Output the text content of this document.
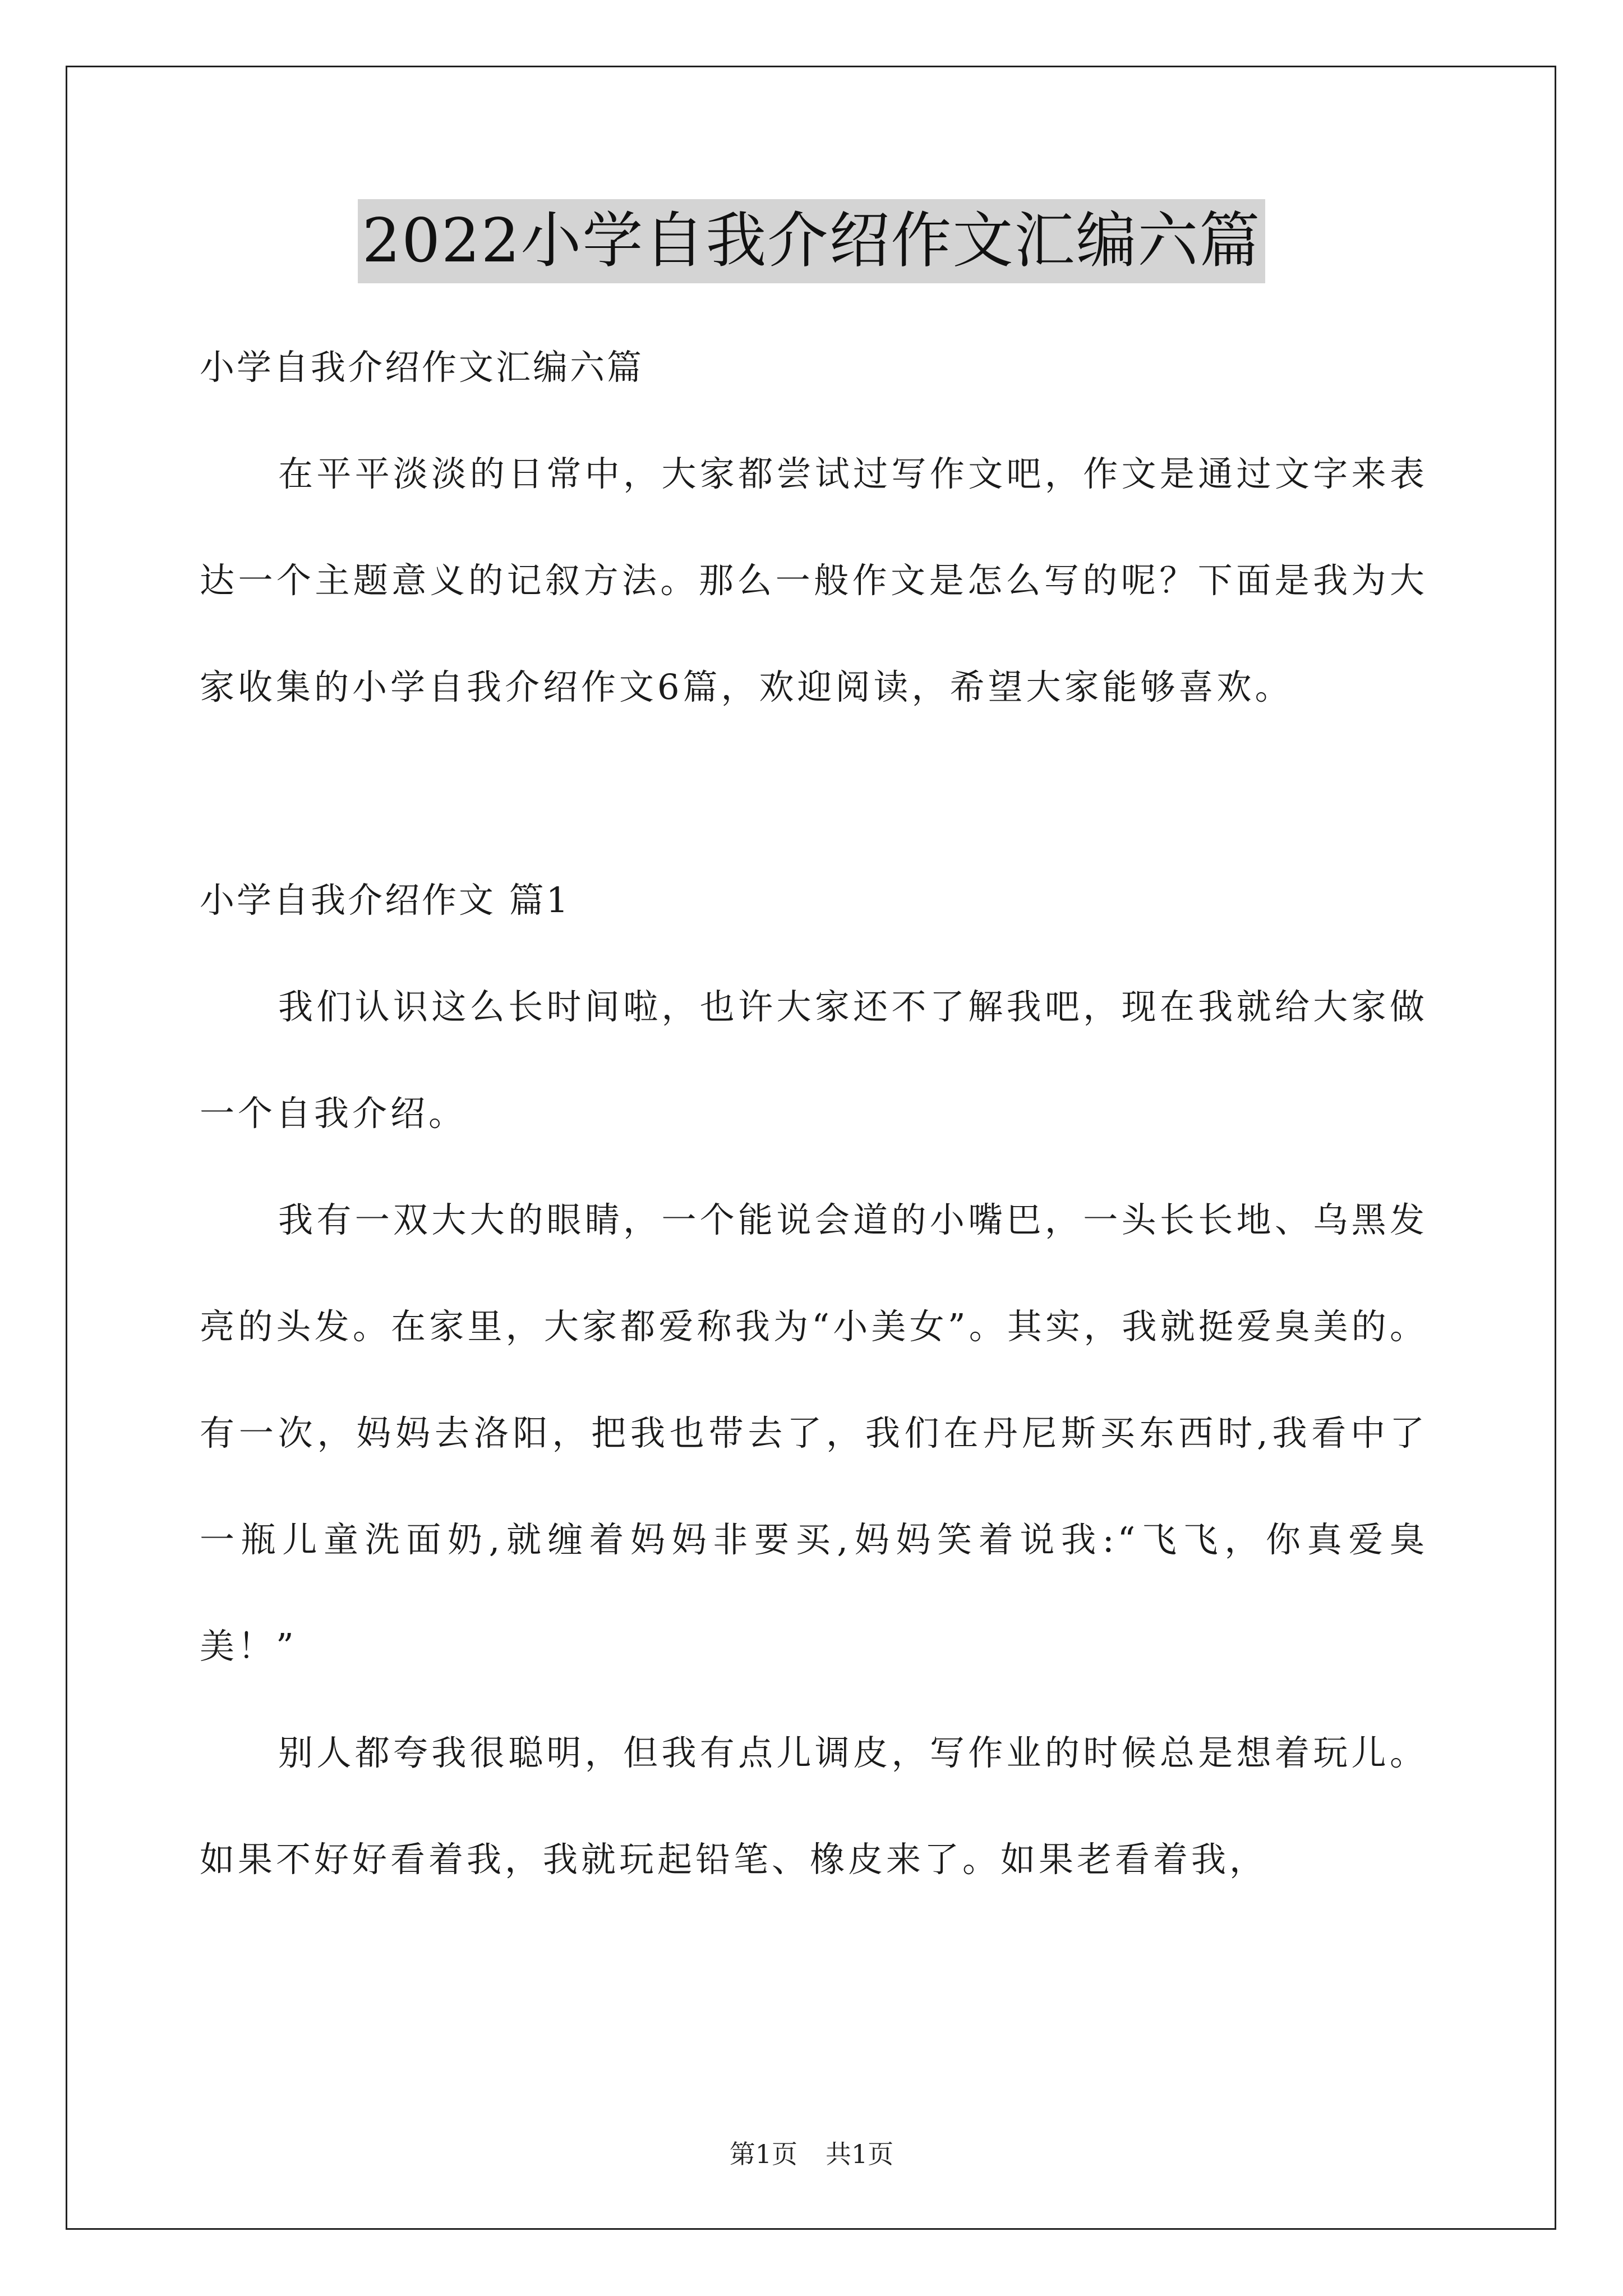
2022小学自我介绍作文汇编六篇

小学自我介绍作文汇编六篇

在平平淡淡的日常中，大家都尝试过写作文吧，作文是通过文字来表达一个主题意义的记叙方法。那么一般作文是怎么写的呢？下面是我为大家收集的小学自我介绍作文6篇，欢迎阅读，希望大家能够喜欢。

小学自我介绍作文 篇1

我们认识这么长时间啦，也许大家还不了解我吧，现在我就给大家做一个自我介绍。

我有一双大大的眼睛，一个能说会道的小嘴巴，一头长长地、乌黑发亮的头发。在家里，大家都爱称我为“小美女”。其实，我就挺爱臭美的。有一次，妈妈去洛阳，把我也带去了，我们在丹尼斯买东西时,我看中了一瓶儿童洗面奶,就缠着妈妈非要买,妈妈笑着说我:“飞飞，你真爱臭美！”

别人都夸我很聪明，但我有点儿调皮，写作业的时候总是想着玩儿。如果不好好看着我，我就玩起铅笔、橡皮来了。如果老看着我，

第1页 共1页
